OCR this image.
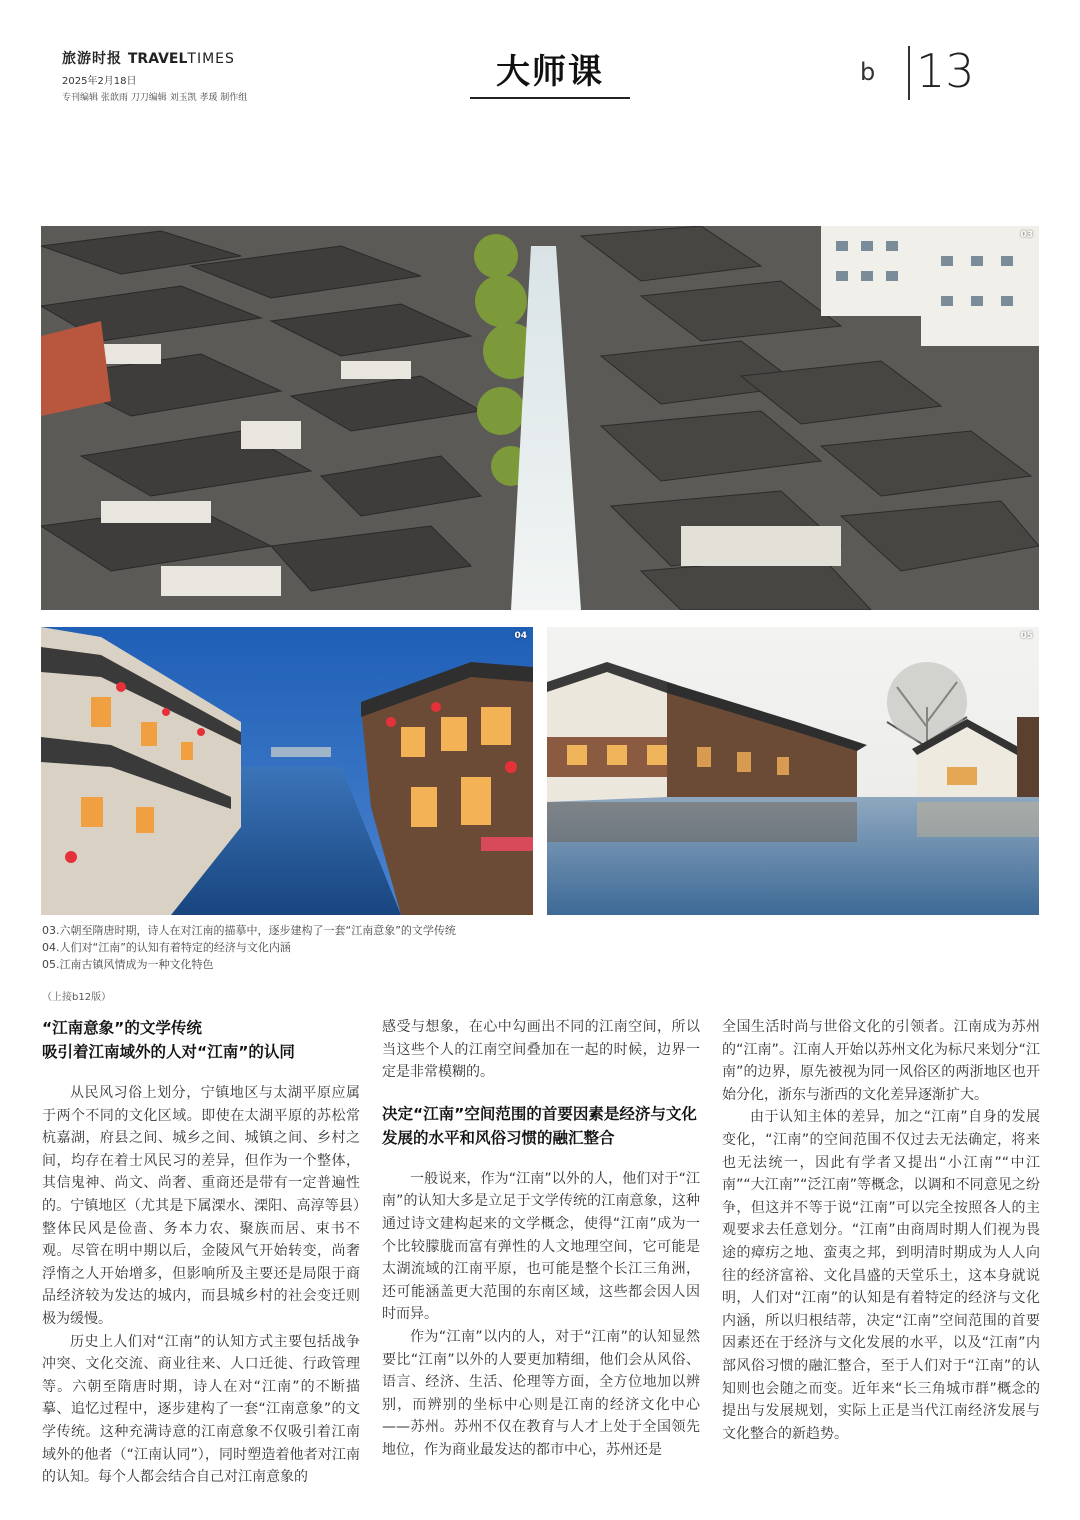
旅游时报 TRAVELTIMES
2025年2月18日
专刊编辑 张歆雨 刀刀编辑 刘玉凯 孝瑗 制作组
大师课	b 13
03
04	05
03.六朝至隋唐时期，诗人在对江南的描摹中，逐步建构了一套“江南意象”的文学传统
04.人们对“江南”的认知有着特定的经济与文化内涵
05.江南古镇风情成为一种文化特色
（上接b12版）
“江南意象”的文学传统
吸引着江南域外的人对“江南”的认同

从民风习俗上划分，宁镇地区与太湖平原应属于两个不同的文化区域。即使在太湖平原的苏松常杭嘉湖，府县之间、城乡之间、城镇之间、乡村之间，均存在着士风民习的差异，但作为一个整体，其信鬼神、尚文、尚奢、重商还是带有一定普遍性的。宁镇地区（尤其是下属溧水、溧阳、高淳等县）整体民风是俭啬、务本力农、聚族而居、束书不观。尽管在明中期以后，金陵风气开始转变，尚奢浮惰之人开始增多，但影响所及主要还是局限于商品经济较为发达的城内，而县城乡村的社会变迁则极为缓慢。

历史上人们对“江南”的认知方式主要包括战争冲突、文化交流、商业往来、人口迁徙、行政管理等。六朝至隋唐时期，诗人在对“江南”的不断描摹、追忆过程中，逐步建构了一套“江南意象”的文学传统。这种充满诗意的江南意象不仅吸引着江南域外的他者（“江南认同”），同时塑造着他者对江南的认知。每个人都会结合自己对江南意象的

感受与想象，在心中勾画出不同的江南空间，所以当这些个人的江南空间叠加在一起的时候，边界一定是非常模糊的。

决定“江南”空间范围的首要因素是经济与文化发展的水平和风俗习惯的融汇整合

一般说来，作为“江南”以外的人，他们对于“江南”的认知大多是立足于文学传统的江南意象，这种通过诗文建构起来的文学概念，使得“江南”成为一个比较朦胧而富有弹性的人文地理空间，它可能是太湖流域的江南平原，也可能是整个长江三角洲，还可能涵盖更大范围的东南区域，这些都会因人因时而异。

作为“江南”以内的人，对于“江南”的认知显然要比“江南”以外的人要更加精细，他们会从风俗、语言、经济、生活、伦理等方面，全方位地加以辨别，而辨别的坐标中心则是江南的经济文化中心——苏州。苏州不仅在教育与人才上处于全国领先地位，作为商业最发达的都市中心，苏州还是

全国生活时尚与世俗文化的引领者。江南成为苏州的“江南”。江南人开始以苏州文化为标尺来划分“江南”的边界，原先被视为同一风俗区的两浙地区也开始分化，浙东与浙西的文化差异逐渐扩大。

由于认知主体的差异，加之“江南”自身的发展变化，“江南”的空间范围不仅过去无法确定，将来也无法统一，因此有学者又提出“小江南”“中江南”“大江南”“泛江南”等概念，以调和不同意见之纷争，但这并不等于说“江南”可以完全按照各人的主观要求去任意划分。“江南”由商周时期人们视为畏途的瘴疠之地、蛮夷之邦，到明清时期成为人人向往的经济富裕、文化昌盛的天堂乐土，这本身就说明，人们对“江南”的认知是有着特定的经济与文化内涵，所以归根结蒂，决定“江南”空间范围的首要因素还在于经济与文化发展的水平，以及“江南”内部风俗习惯的融汇整合，至于人们对于“江南”的认知则也会随之而变。近年来“长三角城市群”概念的提出与发展规划，实际上正是当代江南经济发展与文化整合的新趋势。
